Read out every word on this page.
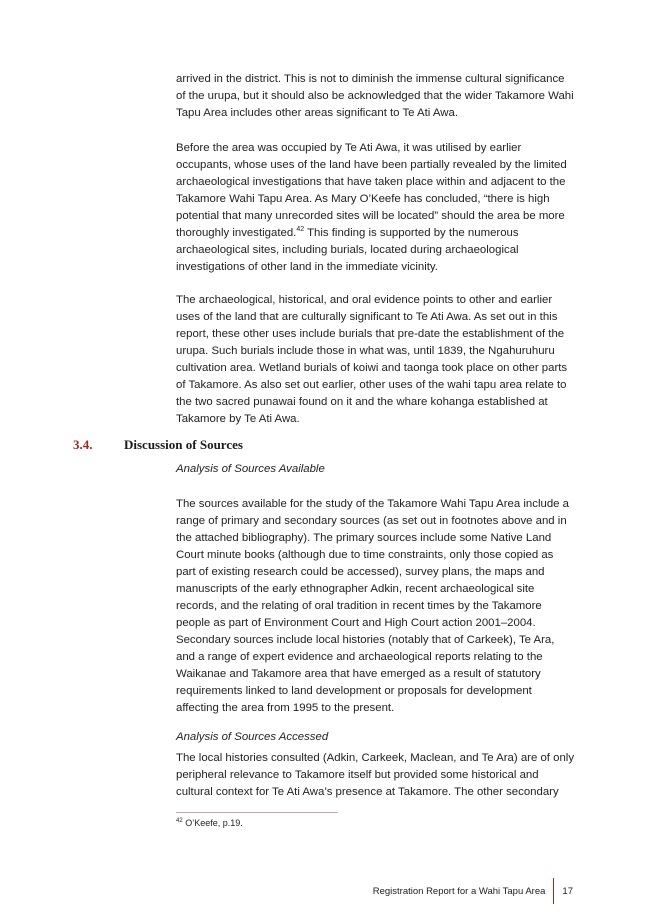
arrived in the district. This is not to diminish the immense cultural significance of the urupa, but it should also be acknowledged that the wider Takamore Wahi Tapu Area includes other areas significant to Te Ati Awa.

Before the area was occupied by Te Ati Awa, it was utilised by earlier occupants, whose uses of the land have been partially revealed by the limited archaeological investigations that have taken place within and adjacent to the Takamore Wahi Tapu Area. As Mary O’Keefe has concluded, “there is high potential that many unrecorded sites will be located” should the area be more thoroughly investigated.$^{42}$ This finding is supported by the numerous archaeological sites, including burials, located during archaeological investigations of other land in the immediate vicinity.

The archaeological, historical, and oral evidence points to other and earlier uses of the land that are culturally significant to Te Ati Awa. As set out in this report, these other uses include burials that pre-date the establishment of the urupa. Such burials include those in what was, until 1839, the Ngahuruhuru cultivation area. Wetland burials of koiwi and taonga took place on other parts of Takamore. As also set out earlier, other uses of the wahi tapu area relate to the two sacred punawai found on it and the whare kohanga established at Takamore by Te Ati Awa.

3.4. Discussion of Sources

Analysis of Sources Available

The sources available for the study of the Takamore Wahi Tapu Area include a range of primary and secondary sources (as set out in footnotes above and in the attached bibliography). The primary sources include some Native Land Court minute books (although due to time constraints, only those copied as part of existing research could be accessed), survey plans, the maps and manuscripts of the early ethnographer Adkin, recent archaeological site records, and the relating of oral tradition in recent times by the Takamore people as part of Environment Court and High Court action 2001–2004. Secondary sources include local histories (notably that of Carkeek), Te Ara, and a range of expert evidence and archaeological reports relating to the Waikanae and Takamore area that have emerged as a result of statutory requirements linked to land development or proposals for development affecting the area from 1995 to the present.

Analysis of Sources Accessed

The local histories consulted (Adkin, Carkeek, Maclean, and Te Ara) are of only peripheral relevance to Takamore itself but provided some historical and cultural context for Te Ati Awa’s presence at Takamore. The other secondary

$^{42}$ O’Keefe, p.19.
Registration Report for a Wahi Tapu Area 17
